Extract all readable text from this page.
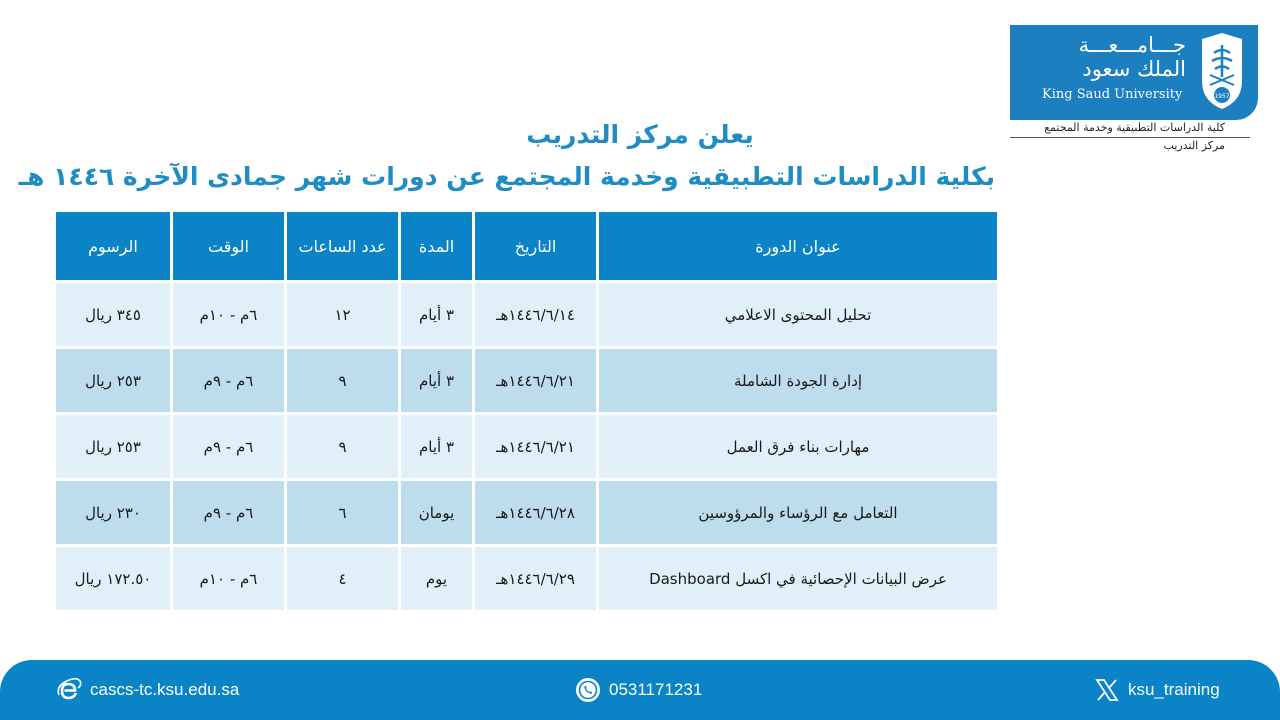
جـــامـــعـــة
الملك سعود
King Saud University	1957
كلية الدراسات التطبيقية وخدمة المجتمع
مركز التدريب
يعلن مركز التدريب
بكلية الدراسات التطبيقية وخدمة المجتمع عن دورات شهر جمادى الآخرة ١٤٤٦ هـ
عنوان الدورة	التاريخ	المدة	عدد الساعات	الوقت	الرسوم
تحليل المحتوى الاعلامي	١٤٤٦/٦/١٤هـ	٣ أيام	١٢	٦م - ١٠م	٣٤٥ ريال
إدارة الجودة الشاملة	١٤٤٦/٦/٢١هـ	٣ أيام	٩	٦م - ٩م	٢٥٣ ريال
مهارات بناء فرق العمل	١٤٤٦/٦/٢١هـ	٣ أيام	٩	٦م - ٩م	٢٥٣ ريال
التعامل مع الرؤساء والمرؤوسين	١٤٤٦/٦/٢٨هـ	يومان	٦	٦م - ٩م	٢٣٠ ريال
عرض البيانات الإحصائية في اكسل Dashboard	١٤٤٦/٦/٢٩هـ	يوم	٤	٦م - ١٠م	١٧٢.٥٠ ريال
cascs-tc.ksu.edu.sa	0531171231	ksu_training
